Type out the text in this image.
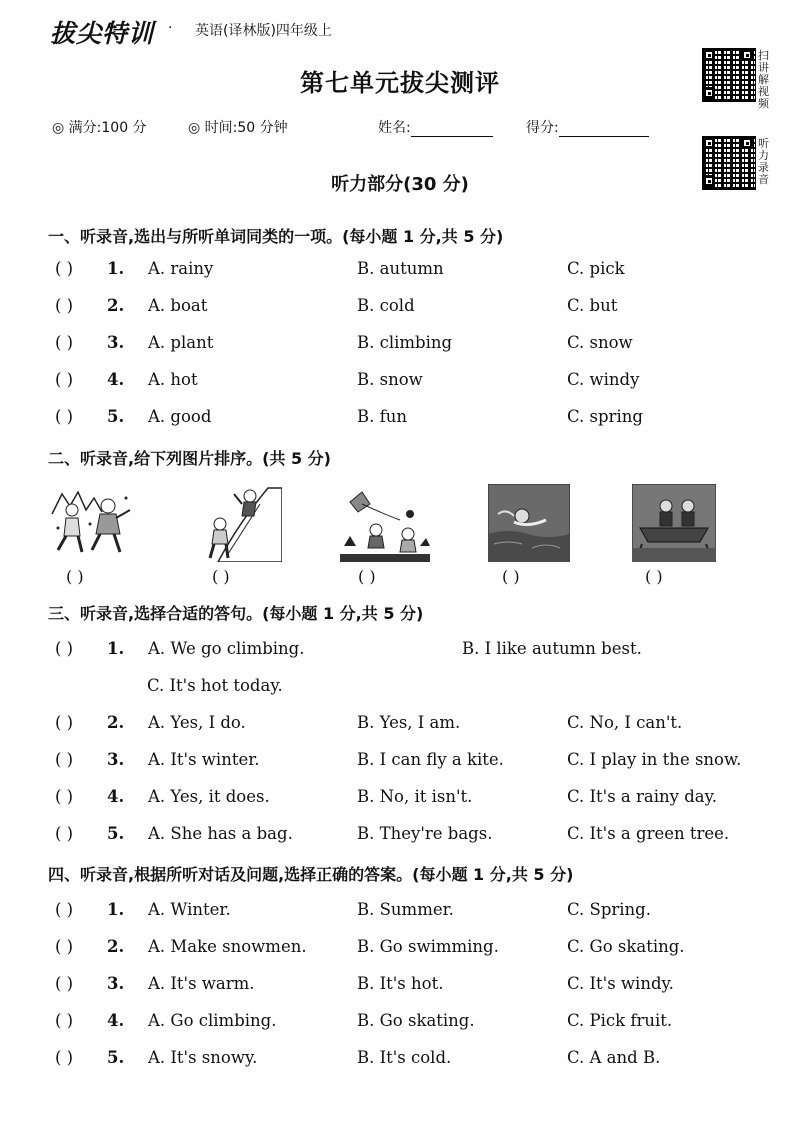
拔尖特训 · 英语(译林版)四年级上
第七单元拔尖测评
扫讲解视频
听力录音
◎ 满分:100 分	◎ 时间:50 分钟	姓名:	得分:
听力部分(30 分)
一、听录音,选出与所听单词同类的一项。(每小题 1 分,共 5 分)
( ) 1. A. rainy	B. autumn	C. pick
( ) 2. A. boat	B. cold	C. but
( ) 3. A. plant	B. climbing	C. snow
( ) 4. A. hot	B. snow	C. windy
( ) 5. A. good	B. fun	C. spring
二、听录音,给下列图片排序。(共 5 分)
( )	( )	( )	( )	( )
三、听录音,选择合适的答句。(每小题 1 分,共 5 分)
( ) 1. A. We go climbing.	B. I like autumn best.
C. It's hot today.
( ) 2. A. Yes, I do.	B. Yes, I am.	C. No, I can't.
( ) 3. A. It's winter.	B. I can fly a kite.	C. I play in the snow.
( ) 4. A. Yes, it does.	B. No, it isn't.	C. It's a rainy day.
( ) 5. A. She has a bag.	B. They're bags.	C. It's a green tree.
四、听录音,根据所听对话及问题,选择正确的答案。(每小题 1 分,共 5 分)
( ) 1. A. Winter.	B. Summer.	C. Spring.
( ) 2. A. Make snowmen.	B. Go swimming.	C. Go skating.
( ) 3. A. It's warm.	B. It's hot.	C. It's windy.
( ) 4. A. Go climbing.	B. Go skating.	C. Pick fruit.
( ) 5. A. It's snowy.	B. It's cold.	C. A and B.
